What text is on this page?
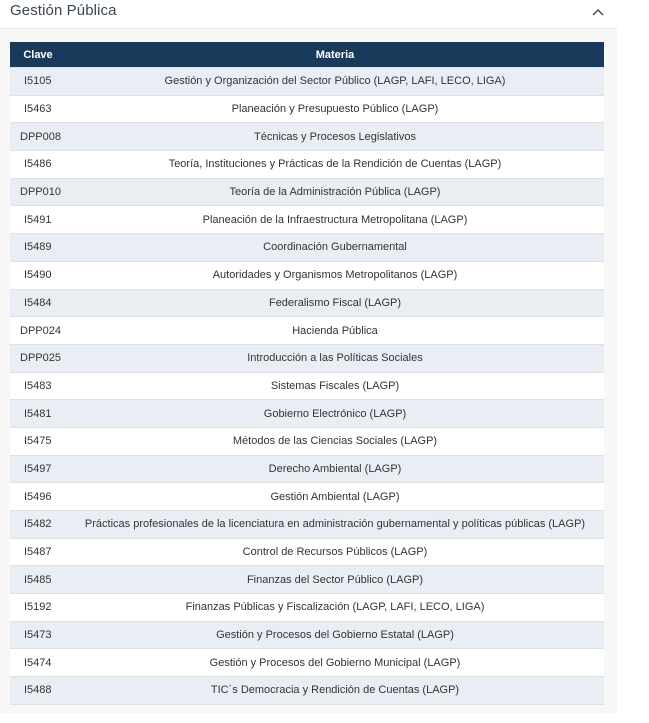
Gestión Pública
Clave	Materia
I5105	Gestión y Organización del Sector Público (LAGP, LAFI, LECO, LIGA)
I5463	Planeación y Presupuesto Público (LAGP)
DPP008	Técnicas y Procesos Legislativos
I5486	Teoría, Instituciones y Prácticas de la Rendición de Cuentas (LAGP)
DPP010	Teoría de la Administración Pública (LAGP)
I5491	Planeación de la Infraestructura Metropolitana (LAGP)
I5489	Coordinación Gubernamental
I5490	Autoridades y Organismos Metropolitanos (LAGP)
I5484	Federalismo Fiscal (LAGP)
DPP024	Hacienda Pública
DPP025	Introducción a las Políticas Sociales
I5483	Sistemas Fiscales (LAGP)
I5481	Gobierno Electrónico (LAGP)
I5475	Métodos de las Ciencias Sociales (LAGP)
I5497	Derecho Ambiental (LAGP)
I5496	Gestión Ambiental (LAGP)
I5482	Prácticas profesionales de la licenciatura en administración gubernamental y políticas públicas (LAGP)
I5487	Control de Recursos Públicos (LAGP)
I5485	Finanzas del Sector Público (LAGP)
I5192	Finanzas Públicas y Fiscalización (LAGP, LAFI, LECO, LIGA)
I5473	Gestión y Procesos del Gobierno Estatal (LAGP)
I5474	Gestión y Procesos del Gobierno Municipal (LAGP)
I5488	TIC´s Democracia y Rendición de Cuentas (LAGP)
